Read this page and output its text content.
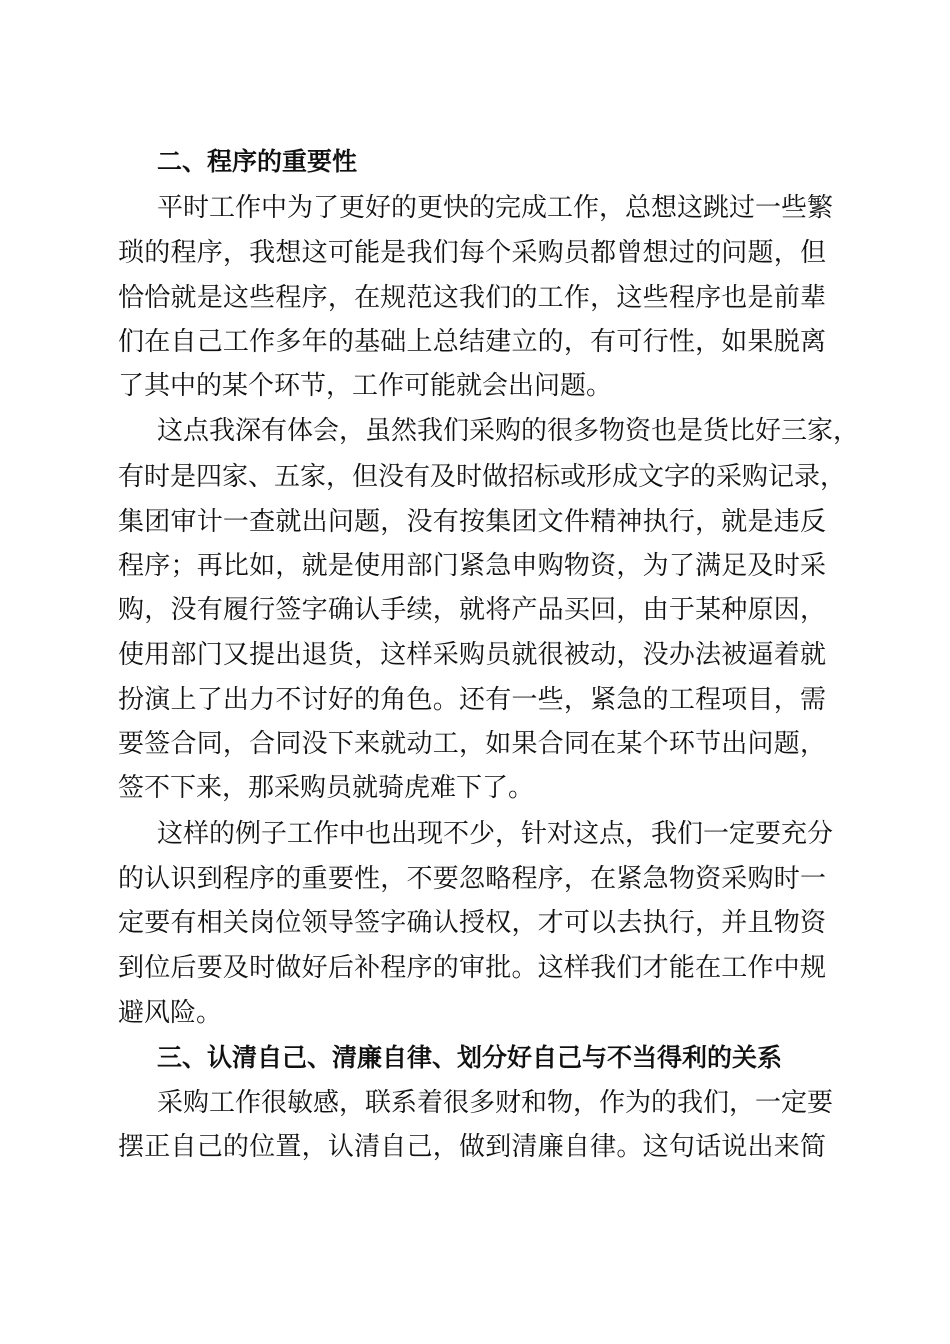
二、程序的重要性
平时工作中为了更好的更快的完成工作，总想这跳过一些繁
琐的程序，我想这可能是我们每个采购员都曾想过的问题，但
恰恰就是这些程序，在规范这我们的工作，这些程序也是前辈
们在自己工作多年的基础上总结建立的，有可行性，如果脱离
了其中的某个环节，工作可能就会出问题。
这点我深有体会，虽然我们采购的很多物资也是货比好三家，
有时是四家、五家，但没有及时做招标或形成文字的采购记录，
集团审计一查就出问题，没有按集团文件精神执行，就是违反
程序；再比如，就是使用部门紧急申购物资，为了满足及时采
购，没有履行签字确认手续，就将产品买回，由于某种原因，
使用部门又提出退货，这样采购员就很被动，没办法被逼着就
扮演上了出力不讨好的角色。还有一些，紧急的工程项目，需
要签合同，合同没下来就动工，如果合同在某个环节出问题，
签不下来，那采购员就骑虎难下了。
这样的例子工作中也出现不少，针对这点，我们一定要充分
的认识到程序的重要性，不要忽略程序，在紧急物资采购时一
定要有相关岗位领导签字确认授权，才可以去执行，并且物资
到位后要及时做好后补程序的审批。这样我们才能在工作中规
避风险。
三、认清自己、清廉自律、划分好自己与不当得利的关系
采购工作很敏感，联系着很多财和物，作为的我们，一定要
摆正自己的位置，认清自己，做到清廉自律。这句话说出来简
